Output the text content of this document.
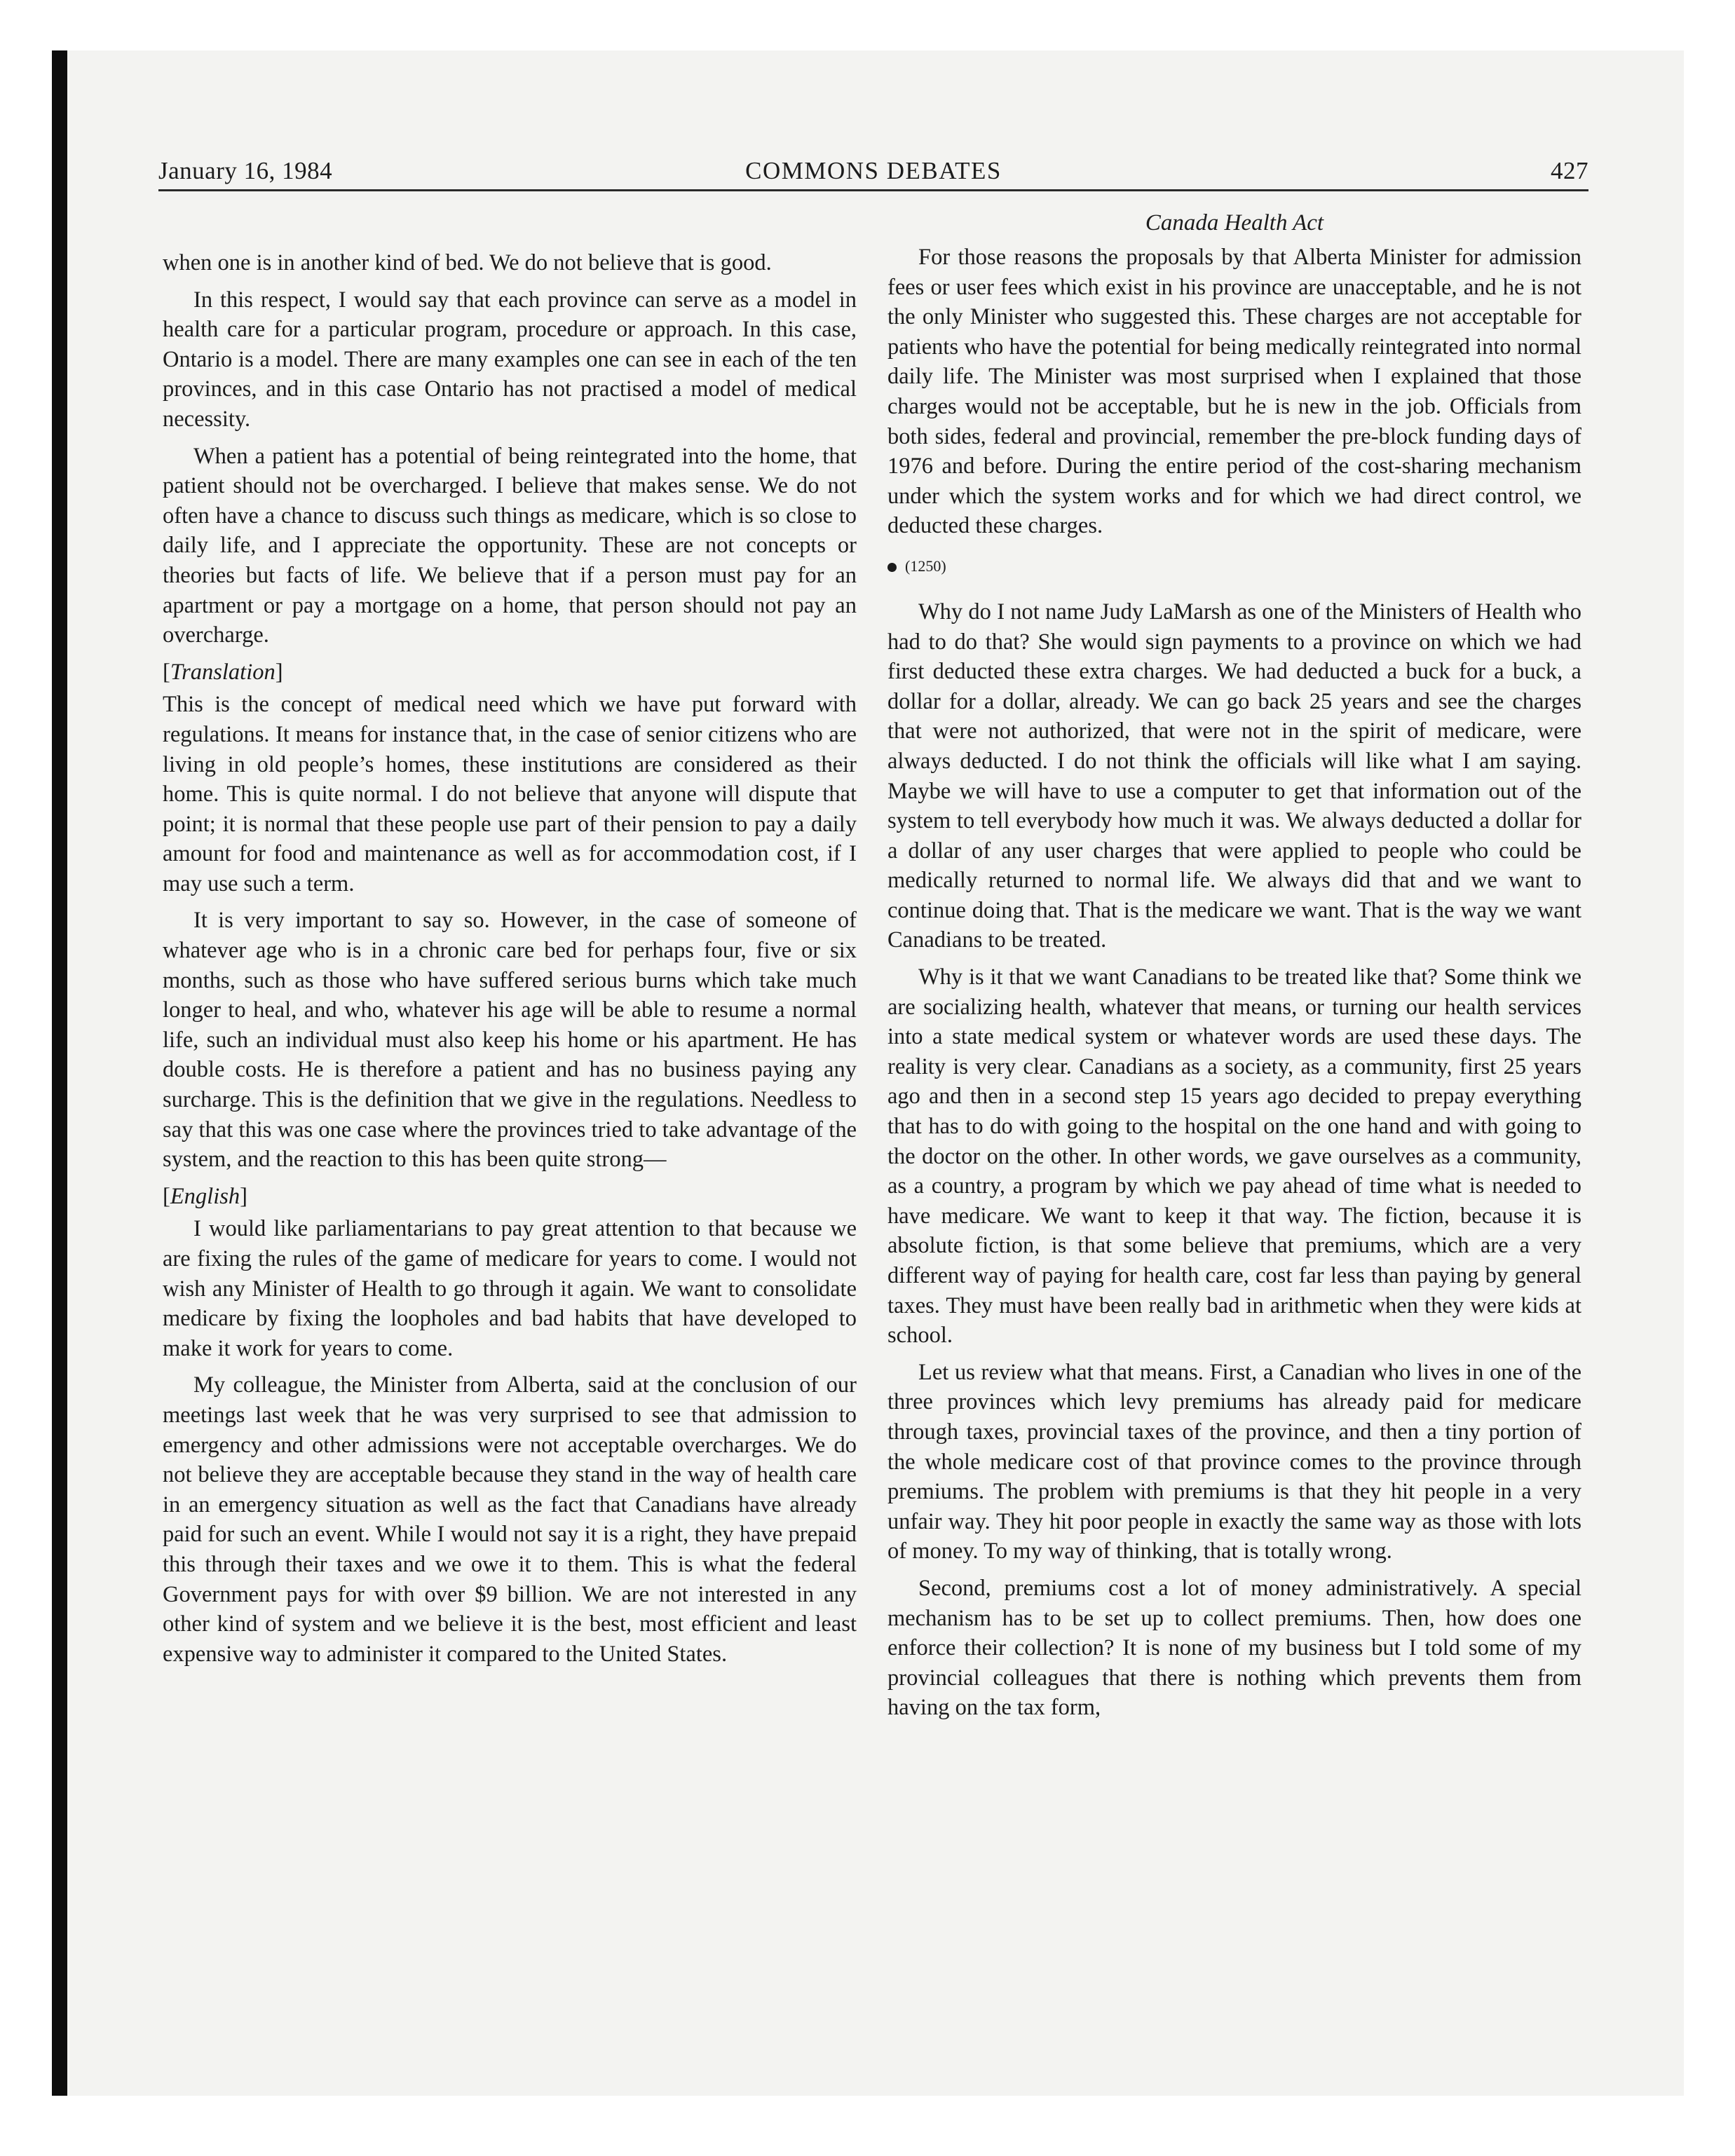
January 16, 1984	COMMONS DEBATES	427

when one is in another kind of bed. We do not believe that is good.

In this respect, I would say that each province can serve as a model in health care for a particular program, procedure or approach. In this case, Ontario is a model. There are many examples one can see in each of the ten provinces, and in this case Ontario has not practised a model of medical necessity.

When a patient has a potential of being reintegrated into the home, that patient should not be overcharged. I believe that makes sense. We do not often have a chance to discuss such things as medicare, which is so close to daily life, and I appreciate the opportunity. These are not concepts or theories but facts of life. We believe that if a person must pay for an apartment or pay a mortgage on a home, that person should not pay an overcharge.

[Translation]

This is the concept of medical need which we have put forward with regulations. It means for instance that, in the case of senior citizens who are living in old people’s homes, these institutions are considered as their home. This is quite normal. I do not believe that anyone will dispute that point; it is normal that these people use part of their pension to pay a daily amount for food and maintenance as well as for accommodation cost, if I may use such a term.

It is very important to say so. However, in the case of someone of whatever age who is in a chronic care bed for perhaps four, five or six months, such as those who have suffered serious burns which take much longer to heal, and who, whatever his age will be able to resume a normal life, such an individual must also keep his home or his apartment. He has double costs. He is therefore a patient and has no business paying any surcharge. This is the definition that we give in the regulations. Needless to say that this was one case where the provinces tried to take advantage of the system, and the reaction to this has been quite strong—

[English]

I would like parliamentarians to pay great attention to that because we are fixing the rules of the game of medicare for years to come. I would not wish any Minister of Health to go through it again. We want to consolidate medicare by fixing the loopholes and bad habits that have developed to make it work for years to come.

My colleague, the Minister from Alberta, said at the conclusion of our meetings last week that he was very surprised to see that admission to emergency and other admissions were not acceptable overcharges. We do not believe they are acceptable because they stand in the way of health care in an emergency situation as well as the fact that Canadians have already paid for such an event. While I would not say it is a right, they have prepaid this through their taxes and we owe it to them. This is what the federal Government pays for with over $9 billion. We are not interested in any other kind of system and we believe it is the best, most efficient and least expensive way to administer it compared to the United States.

Canada Health Act

For those reasons the proposals by that Alberta Minister for admission fees or user fees which exist in his province are unacceptable, and he is not the only Minister who suggested this. These charges are not acceptable for patients who have the potential for being medically reintegrated into normal daily life. The Minister was most surprised when I explained that those charges would not be acceptable, but he is new in the job. Officials from both sides, federal and provincial, remember the pre-block funding days of 1976 and before. During the entire period of the cost-sharing mechanism under which the system works and for which we had direct control, we deducted these charges.

(1250)

Why do I not name Judy LaMarsh as one of the Ministers of Health who had to do that? She would sign payments to a province on which we had first deducted these extra charges. We had deducted a buck for a buck, a dollar for a dollar, already. We can go back 25 years and see the charges that were not authorized, that were not in the spirit of medicare, were always deducted. I do not think the officials will like what I am saying. Maybe we will have to use a computer to get that information out of the system to tell everybody how much it was. We always deducted a dollar for a dollar of any user charges that were applied to people who could be medically returned to normal life. We always did that and we want to continue doing that. That is the medicare we want. That is the way we want Canadians to be treated.

Why is it that we want Canadians to be treated like that? Some think we are socializing health, whatever that means, or turning our health services into a state medical system or whatever words are used these days. The reality is very clear. Canadians as a society, as a community, first 25 years ago and then in a second step 15 years ago decided to prepay everything that has to do with going to the hospital on the one hand and with going to the doctor on the other. In other words, we gave ourselves as a community, as a country, a program by which we pay ahead of time what is needed to have medicare. We want to keep it that way. The fiction, because it is absolute fiction, is that some believe that premiums, which are a very different way of paying for health care, cost far less than paying by general taxes. They must have been really bad in arithmetic when they were kids at school.

Let us review what that means. First, a Canadian who lives in one of the three provinces which levy premiums has already paid for medicare through taxes, provincial taxes of the province, and then a tiny portion of the whole medicare cost of that province comes to the province through premiums. The problem with premiums is that they hit people in a very unfair way. They hit poor people in exactly the same way as those with lots of money. To my way of thinking, that is totally wrong.

Second, premiums cost a lot of money administratively. A special mechanism has to be set up to collect premiums. Then, how does one enforce their collection? It is none of my business but I told some of my provincial colleagues that there is nothing which prevents them from having on the tax form,
